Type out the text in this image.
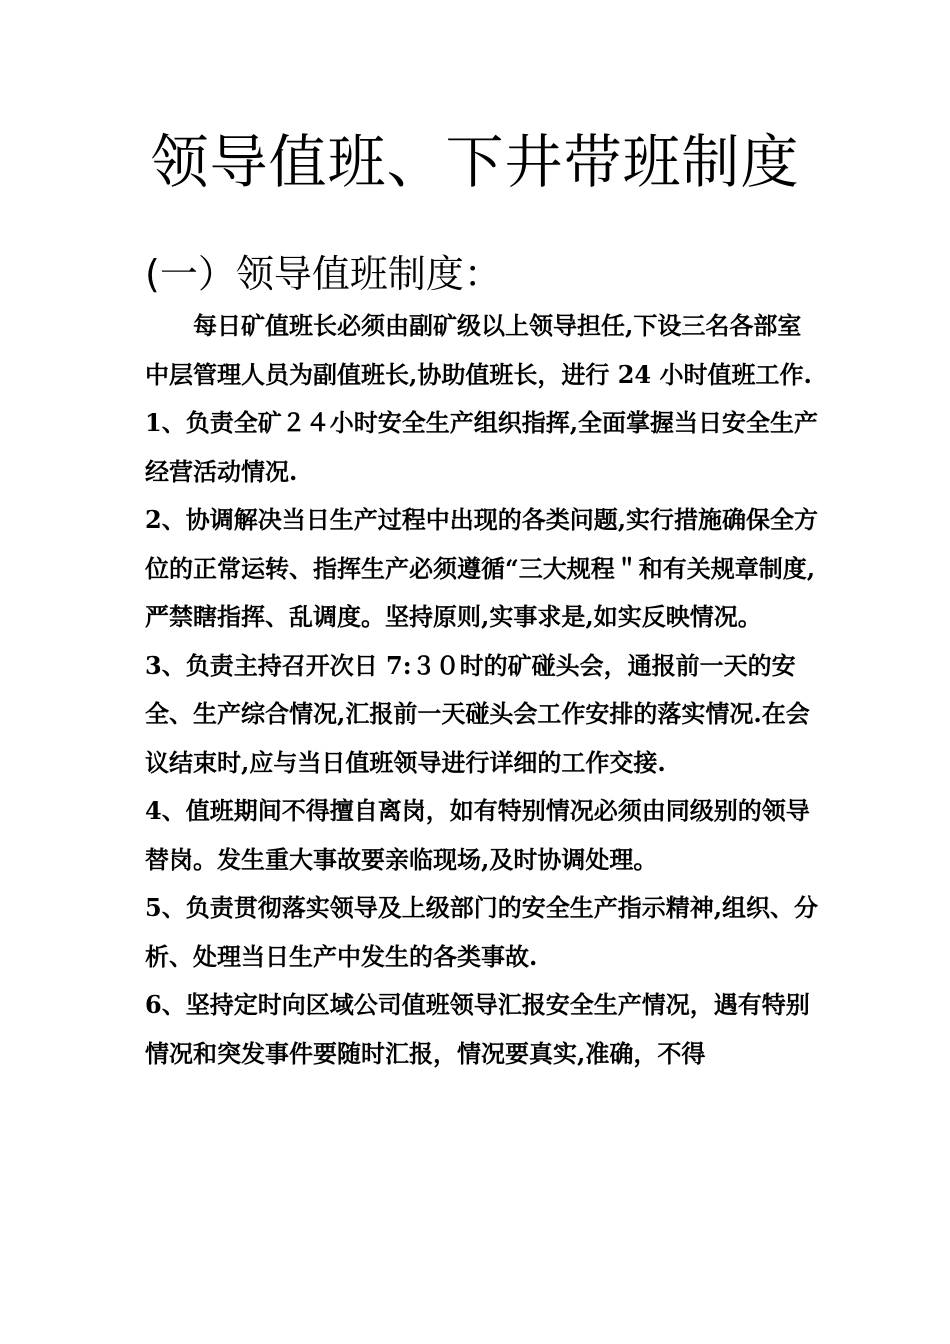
领导值班、下井带班制度
(一）领导值班制度：

每日矿值班长必须由副矿级以上领导担任,下设三名各部室中层管理人员为副值班长,协助值班长，进行 24 小时值班工作.

1、负责全矿２４小时安全生产组织指挥,全面掌握当日安全生产经营活动情况.

2、协调解决当日生产过程中出现的各类问题,实行措施确保全方位的正常运转、指挥生产必须遵循“三大规程＂和有关规章制度,严禁瞎指挥、乱调度。坚持原则,实事求是,如实反映情况。

3、负责主持召开次日 7:３０时的矿碰头会，通报前一天的安全、生产综合情况,汇报前一天碰头会工作安排的落实情况.在会议结束时,应与当日值班领导进行详细的工作交接.

4、值班期间不得擅自离岗，如有特别情况必须由同级别的领导替岗。发生重大事故要亲临现场,及时协调处理。

5、负责贯彻落实领导及上级部门的安全生产指示精神,组织、分析、处理当日生产中发生的各类事故.

6、坚持定时向区域公司值班领导汇报安全生产情况，遇有特别情况和突发事件要随时汇报，情况要真实,准确，不得
